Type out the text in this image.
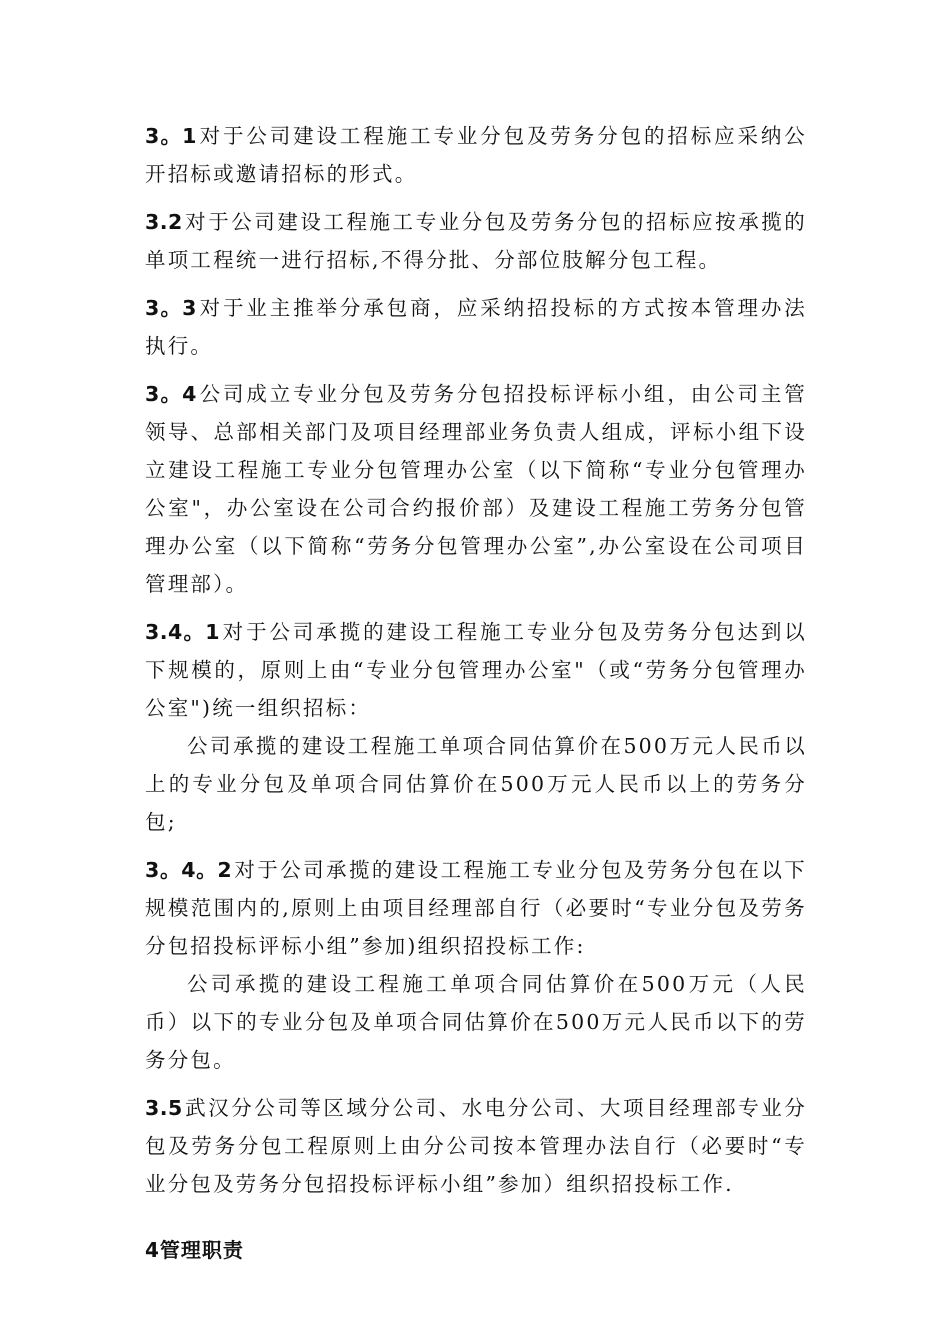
3。1对于公司建设工程施工专业分包及劳务分包的招标应采纳公开招标或邀请招标的形式。

3.2对于公司建设工程施工专业分包及劳务分包的招标应按承揽的单项工程统一进行招标,不得分批、分部位肢解分包工程。

3。3对于业主推举分承包商，应采纳招投标的方式按本管理办法执行。

3。4公司成立专业分包及劳务分包招投标评标小组，由公司主管领导、总部相关部门及项目经理部业务负责人组成，评标小组下设立建设工程施工专业分包管理办公室（以下简称“专业分包管理办公室"，办公室设在公司合约报价部）及建设工程施工劳务分包管理办公室（以下简称“劳务分包管理办公室”,办公室设在公司项目管理部）。

3.4。1对于公司承揽的建设工程施工专业分包及劳务分包达到以下规模的，原则上由“专业分包管理办公室"（或“劳务分包管理办公室")统一组织招标：

公司承揽的建设工程施工单项合同估算价在500万元人民币以上的专业分包及单项合同估算价在500万元人民币以上的劳务分包;

3。4。2对于公司承揽的建设工程施工专业分包及劳务分包在以下规模范围内的,原则上由项目经理部自行（必要时“专业分包及劳务分包招投标评标小组”参加)组织招投标工作:

公司承揽的建设工程施工单项合同估算价在500万元（人民币）以下的专业分包及单项合同估算价在500万元人民币以下的劳务分包。

3.5武汉分公司等区域分公司、水电分公司、大项目经理部专业分包及劳务分包工程原则上由分公司按本管理办法自行（必要时“专业分包及劳务分包招投标评标小组”参加）组织招投标工作.

4管理职责
